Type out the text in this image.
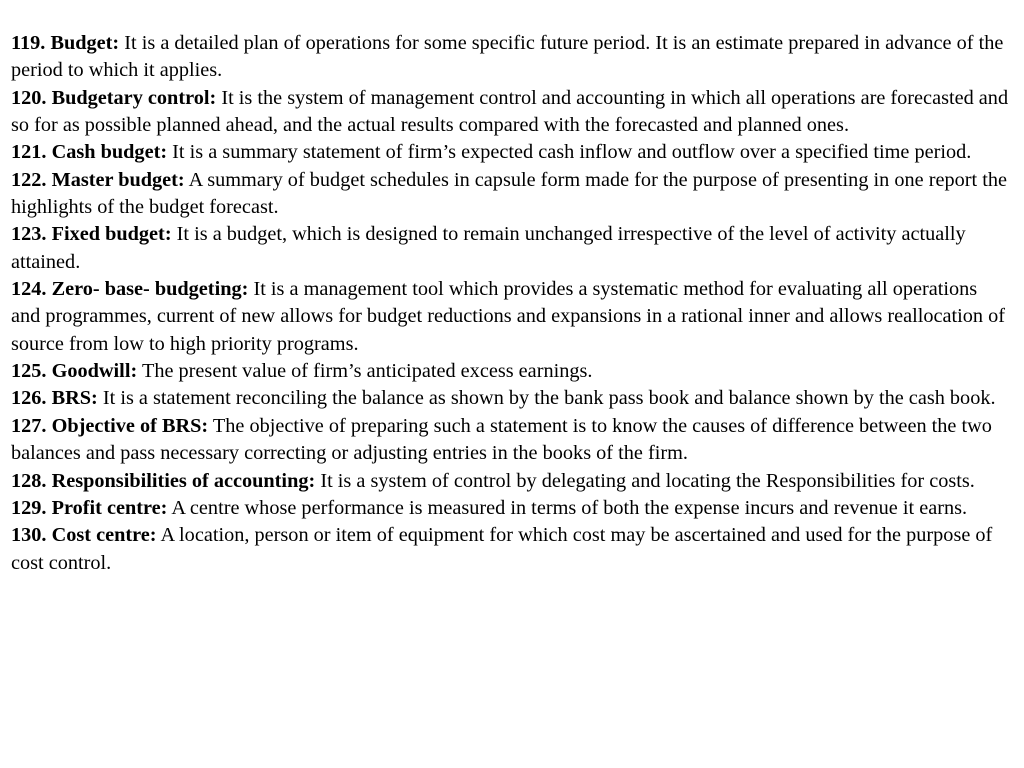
119. Budget: It is a detailed plan of operations for some specific future period. It is an estimate prepared in advance of the period to which it applies.

120. Budgetary control: It is the system of management control and accounting in which all operations are forecasted and so for as possible planned ahead, and the actual results compared with the forecasted and planned ones.

121. Cash budget: It is a summary statement of firm’s expected cash inflow and outflow over a specified time period.

122. Master budget: A summary of budget schedules in capsule form made for the purpose of presenting in one report the highlights of the budget forecast.

123. Fixed budget: It is a budget, which is designed to remain unchanged irrespective of the level of activity actually attained.

124. Zero- base- budgeting: It is a management tool which provides a systematic method for evaluating all operations and programmes, current of new allows for budget reductions and expansions in a rational inner and allows reallocation of source from low to high priority programs.

125. Goodwill: The present value of firm’s anticipated excess earnings.

126. BRS: It is a statement reconciling the balance as shown by the bank pass book and balance shown by the cash book.

127. Objective of BRS: The objective of preparing such a statement is to know the causes of difference between the two balances and pass necessary correcting or adjusting entries in the books of the firm.

128. Responsibilities of accounting: It is a system of control by delegating and locating the Responsibilities for costs.

129. Profit centre: A centre whose performance is measured in terms of both the expense incurs and revenue it earns.

130. Cost centre: A location, person or item of equipment for which cost may be ascertained and used for the purpose of cost control.
